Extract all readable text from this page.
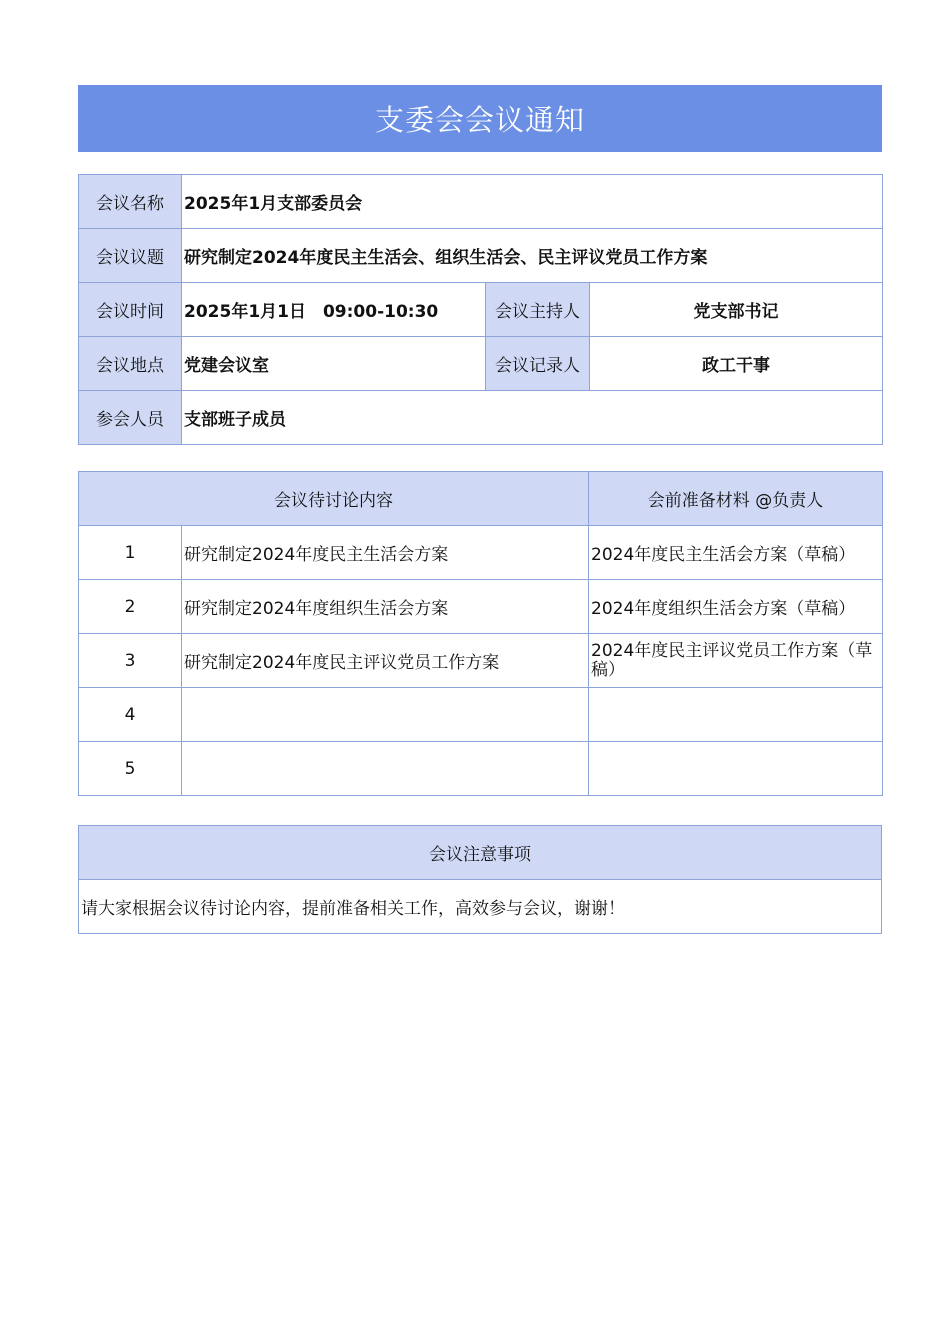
支委会会议通知
会议名称	2025年1月支部委员会		
会议议题	研究制定2024年度民主生活会、组织生活会、民主评议党员工作方案		
会议时间	2025年1月1日　09:00-10:30	会议主持人	党支部书记
会议地点	党建会议室	会议记录人	政工干事
参会人员	支部班子成员		
会议待讨论内容		会前准备材料 @负责人
1	研究制定2024年度民主生活会方案	2024年度民主生活会方案（草稿）
2	研究制定2024年度组织生活会方案	2024年度组织生活会方案（草稿）
3	研究制定2024年度民主评议党员工作方案	2024年度民主评议党员工作方案（草稿）
4		
5		
会议注意事项
请大家根据会议待讨论内容，提前准备相关工作，高效参与会议，谢谢！
